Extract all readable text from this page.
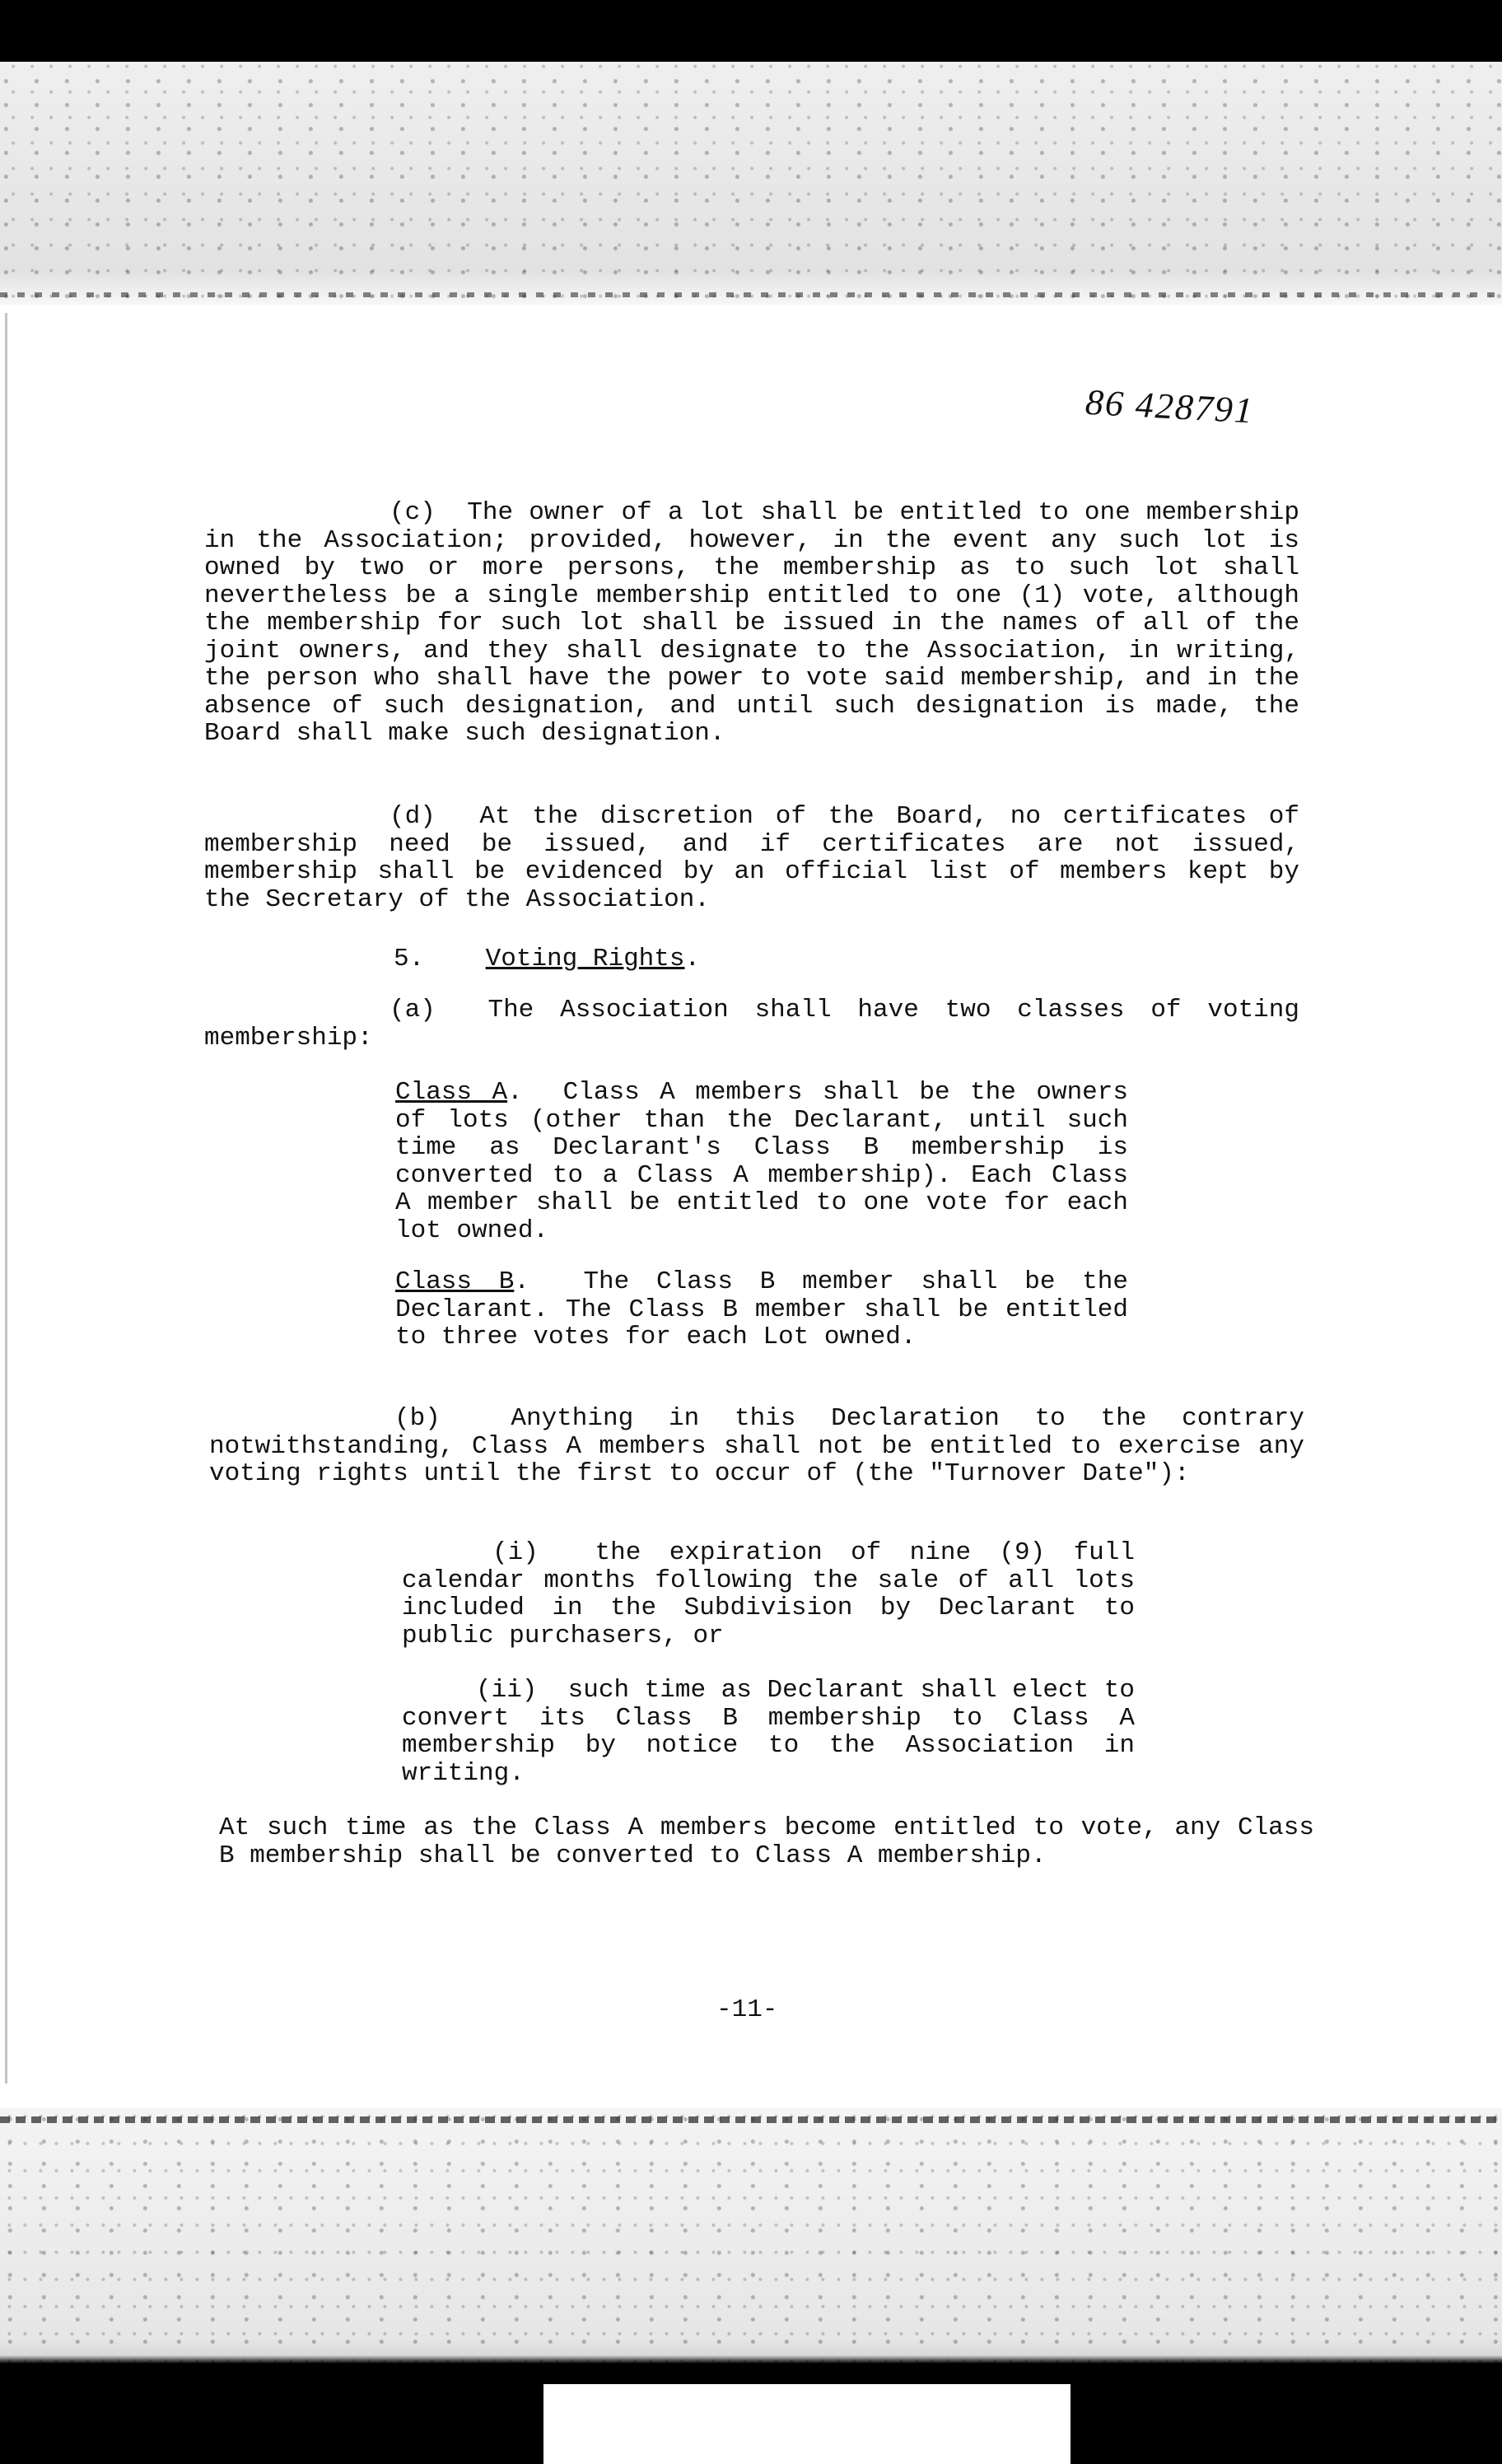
86 428791

(c) The owner of a lot shall be entitled to one membership in the Association; provided, however, in the event any such lot is owned by two or more persons, the membership as to such lot shall nevertheless be a single membership entitled to one (1) vote, although the membership for such lot shall be issued in the names of all of the joint owners, and they shall designate to the Association, in writing, the person who shall have the power to vote said membership, and in the absence of such designation, and until such designation is made, the Board shall make such designation.

(d) At the discretion of the Board, no certificates of membership need be issued, and if certificates are not issued, membership shall be evidenced by an official list of members kept by the Secretary of the Association.

5. Voting Rights.

(a) The Association shall have two classes of voting membership:

Class A. Class A members shall be the owners of lots (other than the Declarant, until such time as Declarant's Class B membership is converted to a Class A membership). Each Class A member shall be entitled to one vote for each lot owned.

Class B. The Class B member shall be the Declarant. The Class B member shall be entitled to three votes for each Lot owned.

(b)	Anything in this Declaration to the contrary notwithstanding, Class A members shall not be entitled to exercise any voting rights until the first to occur of (the "Turnover Date"):

(i) the expiration of nine (9) full calendar months following the sale of all lots included in the Subdivision by Declarant to public purchasers, or

(ii) such time as Declarant shall elect to convert its Class B membership to Class A membership by notice to the Association in writing.

At such time as the Class A members become entitled to vote, any Class B membership shall be converted to Class A membership.

-11-
